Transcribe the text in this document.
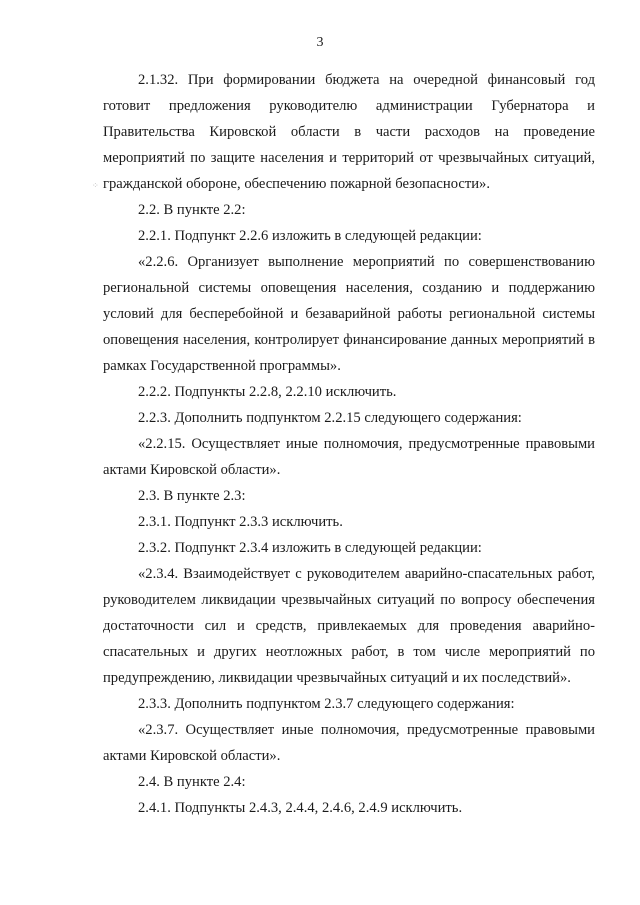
3
⁘

2.1.32. При формировании бюджета на очередной финансовый год готовит предложения руководителю администрации Губернатора и Правительства Кировской области в части расходов на проведение мероприятий по защите населения и территорий от чрезвычайных ситуаций, гражданской обороне, обеспечению пожарной безопасности».

2.2. В пункте 2.2:

2.2.1. Подпункт 2.2.6 изложить в следующей редакции:

«2.2.6. Организует выполнение мероприятий по совершенствованию региональной системы оповещения населения, созданию и поддержанию условий для бесперебойной и безаварийной работы региональной системы оповещения населения, контролирует финансирование данных мероприятий в рамках Государственной программы».

2.2.2. Подпункты 2.2.8, 2.2.10 исключить.

2.2.3. Дополнить подпунктом 2.2.15 следующего содержания:

«2.2.15. Осуществляет иные полномочия, предусмотренные правовыми актами Кировской области».

2.3. В пункте 2.3:

2.3.1. Подпункт 2.3.3 исключить.

2.3.2. Подпункт 2.3.4 изложить в следующей редакции:

«2.3.4. Взаимодействует с руководителем аварийно-спасательных работ, руководителем ликвидации чрезвычайных ситуаций по вопросу обеспечения достаточности сил и средств, привлекаемых для проведения аварийно-спасательных и других неотложных работ, в том числе мероприятий по предупреждению, ликвидации чрезвычайных ситуаций и их последствий».

2.3.3. Дополнить подпунктом 2.3.7 следующего содержания:

«2.3.7. Осуществляет иные полномочия, предусмотренные правовыми актами Кировской области».

2.4. В пункте 2.4:

2.4.1. Подпункты 2.4.3, 2.4.4, 2.4.6, 2.4.9 исключить.
